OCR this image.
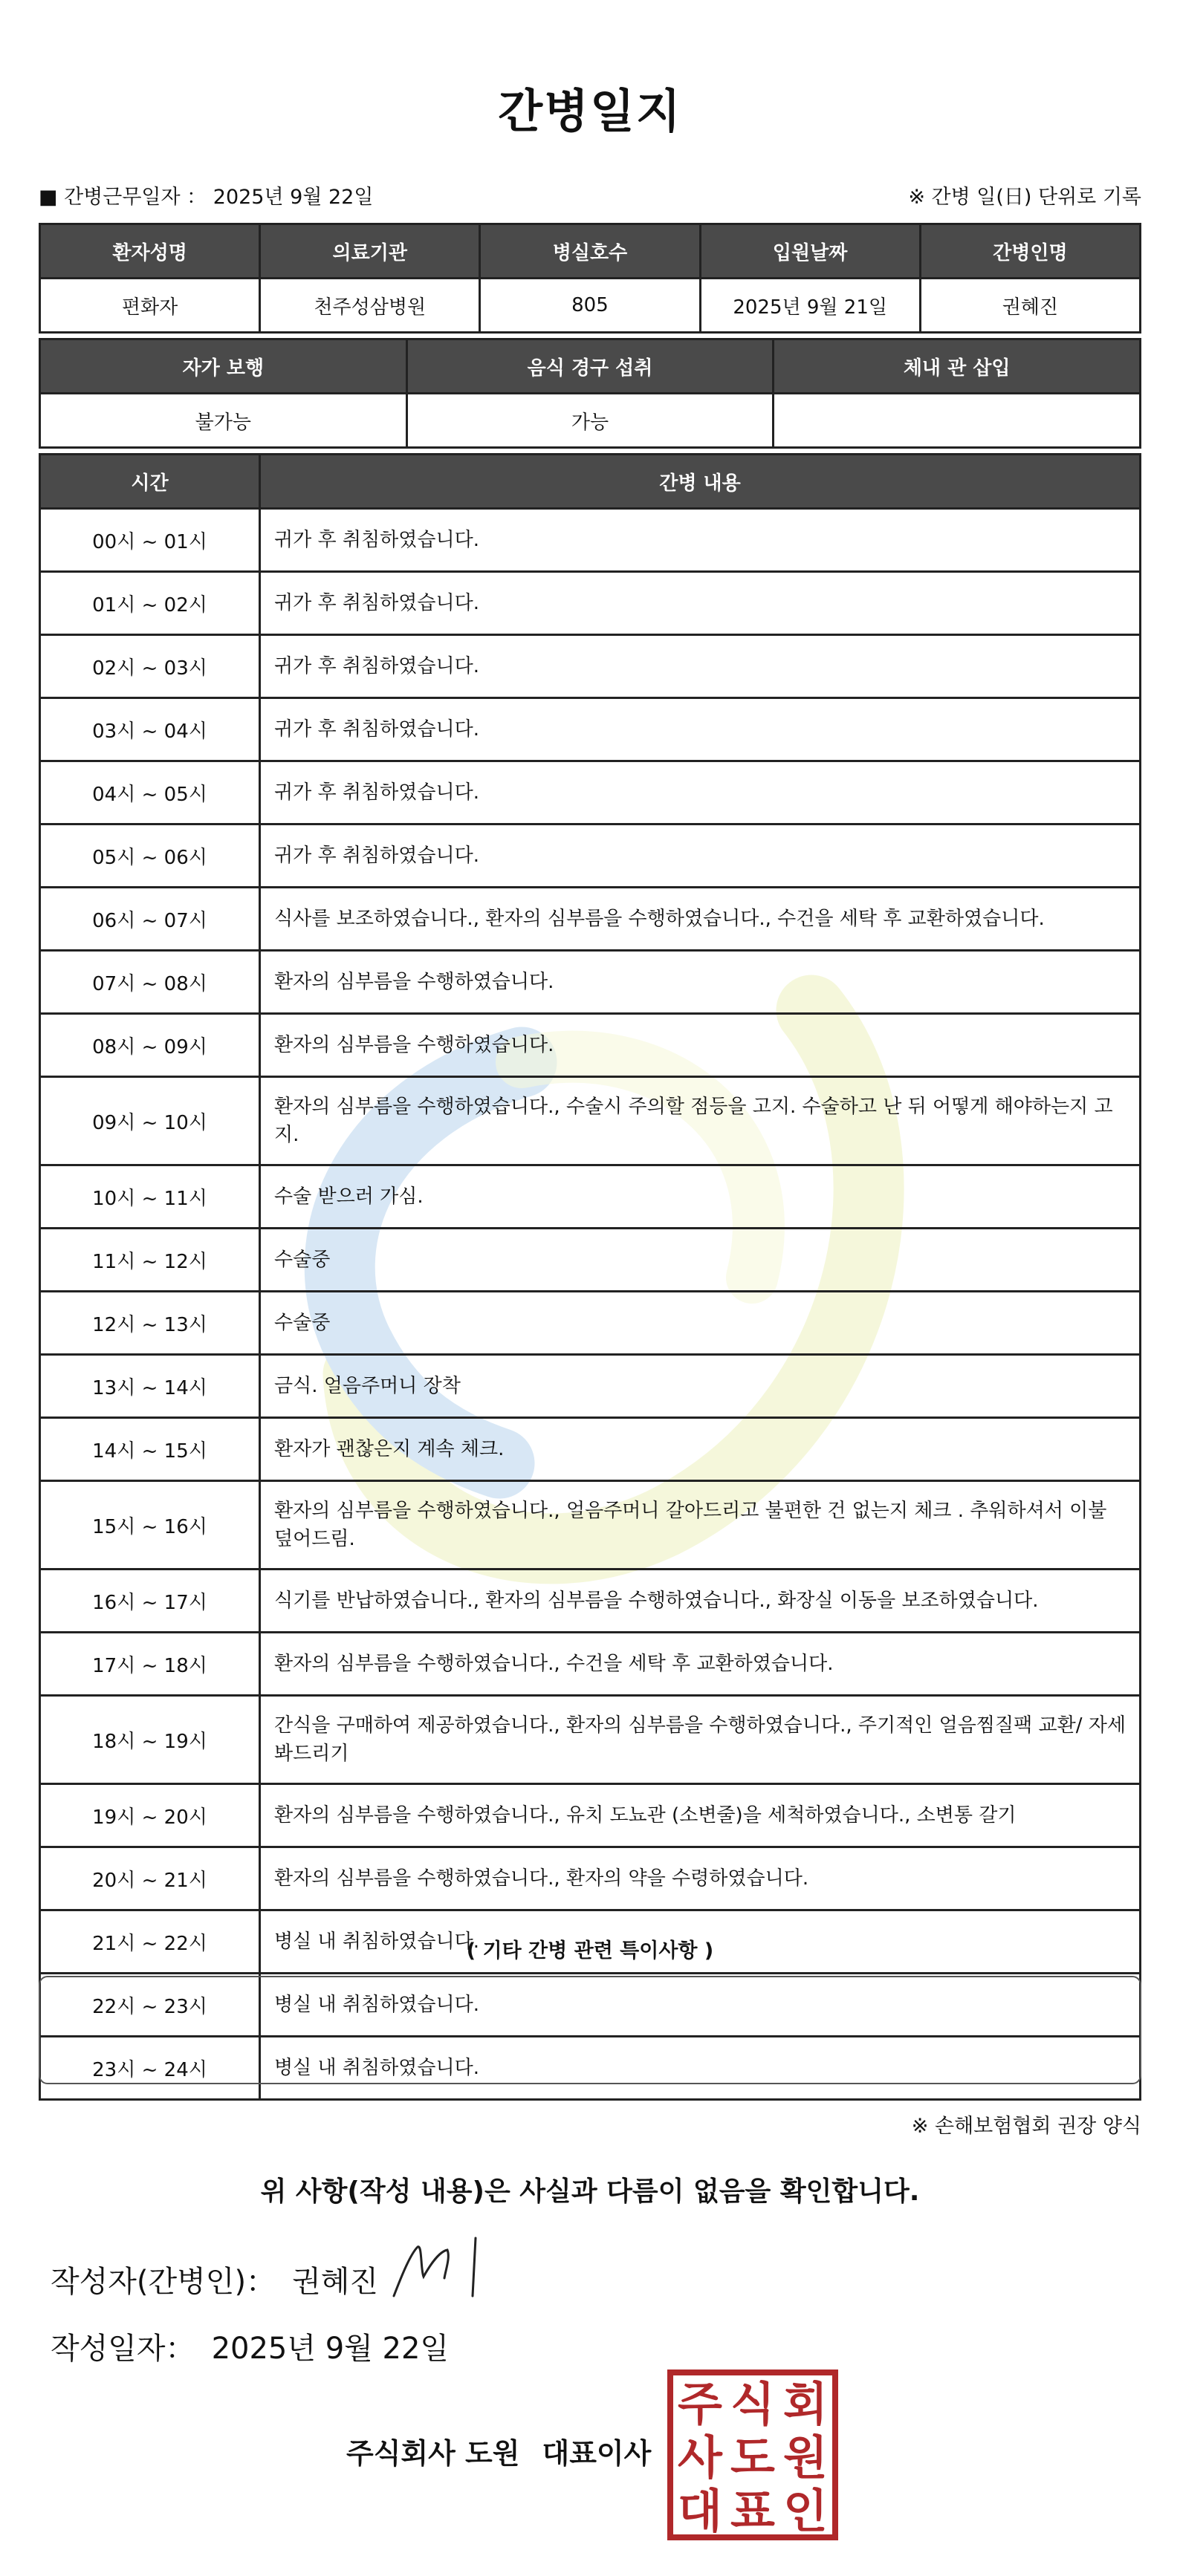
간병일지
■ 간병근무일자 ： 2025년 9월 22일	※ 간병 일(日) 단위로 기록
환자성명	의료기관	병실호수	입원날짜	간병인명
편화자	천주성삼병원	805	2025년 9월 21일	권혜진
자가 보행	음식 경구 섭취	체내 관 삽입
불가능	가능	
시간	간병 내용
00시 ~ 01시	귀가 후 취침하였습니다.
01시 ~ 02시	귀가 후 취침하였습니다.
02시 ~ 03시	귀가 후 취침하였습니다.
03시 ~ 04시	귀가 후 취침하였습니다.
04시 ~ 05시	귀가 후 취침하였습니다.
05시 ~ 06시	귀가 후 취침하였습니다.
06시 ~ 07시	식사를 보조하였습니다., 환자의 심부름을 수행하였습니다., 수건을 세탁 후 교환하였습니다.
07시 ~ 08시	환자의 심부름을 수행하였습니다.
08시 ~ 09시	환자의 심부름을 수행하였습니다.
09시 ~ 10시	환자의 심부름을 수행하였습니다., 수술시 주의할 점등을 고지. 수술하고 난 뒤 어떻게 해야하는지 고지.
10시 ~ 11시	수술 받으러 가심.
11시 ~ 12시	수술중
12시 ~ 13시	수술중
13시 ~ 14시	금식. 얼음주머니 장착
14시 ~ 15시	환자가 괜찮은지 계속 체크.
15시 ~ 16시	환자의 심부름을 수행하였습니다., 얼음주머니 갈아드리고 불편한 건 없는지 체크 . 추워하셔서 이불 덮어드림.
16시 ~ 17시	식기를 반납하였습니다., 환자의 심부름을 수행하였습니다., 화장실 이동을 보조하였습니다.
17시 ~ 18시	환자의 심부름을 수행하였습니다., 수건을 세탁 후 교환하였습니다.
18시 ~ 19시	간식을 구매하여 제공하였습니다., 환자의 심부름을 수행하였습니다., 주기적인 얼음찜질팩 교환/ 자세 봐드리기
19시 ~ 20시	환자의 심부름을 수행하였습니다., 유치 도뇨관 (소변줄)을 세척하였습니다., 소변통 갈기
20시 ~ 21시	환자의 심부름을 수행하였습니다., 환자의 약을 수령하였습니다.
21시 ~ 22시	병실 내 취침하였습니다.
22시 ~ 23시	병실 내 취침하였습니다.
23시 ~ 24시	병실 내 취침하였습니다.
( 기타 간병 관련 특이사항 )
※ 손해보험협회 권장 양식
위 사항(작성 내용)은 사실과 다름이 없음을 확인합니다.
작성자(간병인)： 권혜진
작성일자： 2025년 9월 22일
주식회사 도원 대표이사
주 식 회
사 도 원
대 표 인
